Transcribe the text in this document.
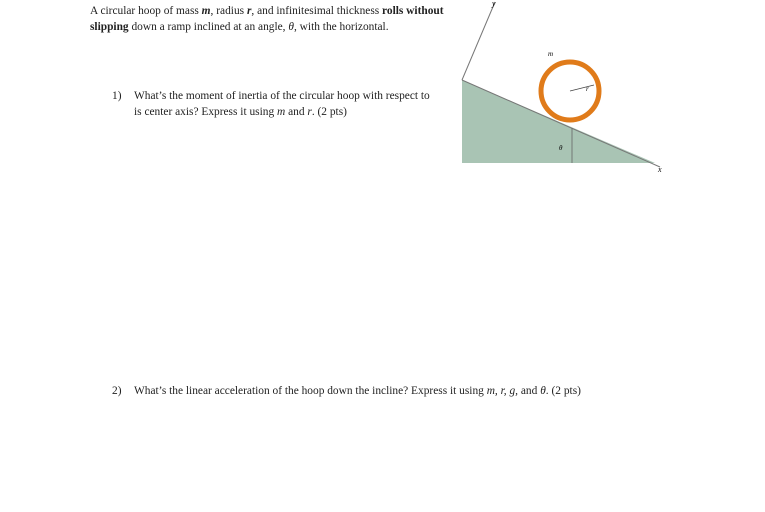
A circular hoop of mass m, radius r, and infinitesimal thickness rolls without slipping down a ramp inclined at an angle, θ, with the horizontal.
1) What’s the moment of inertia of the circular hoop with respect to is center axis? Express it using m and r. (2 pts)
2) What’s the linear acceleration of the hoop down the incline? Express it using m, r, g, and θ. (2 pts)
y
x
m
r
θ
